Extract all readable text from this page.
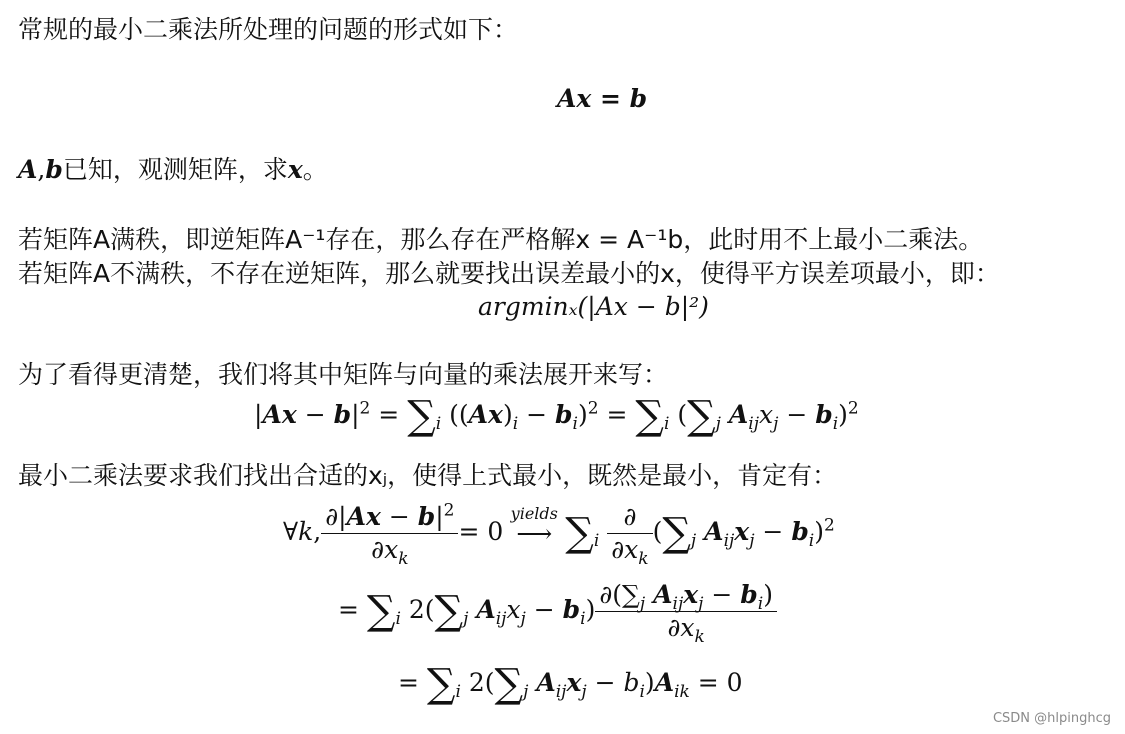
常规的最小二乘法所处理的问题的形式如下：
Ax = b
A,b已知，观测矩阵，求x。
若矩阵A满秩，即逆矩阵A⁻¹存在，那么存在严格解x = A⁻¹b，此时用不上最小二乘法。
若矩阵A不满秩，不存在逆矩阵，那么就要找出误差最小的x，使得平方误差项最小，即：
argminₓ(|Ax − b|²)
为了看得更清楚，我们将其中矩阵与向量的乘法展开来写：
$|Ax - b|^2 = \sum_i$ $((Ax)_i - b_i)^2 = \sum_i$ ($\sum_j$ $A_{ij}x_j - b_i)^2$
最小二乘法要求我们找出合适的xⱼ，使得上式最小，既然是最小，肯定有：
∀k, $\frac{\partial|Ax - b|^2}{\partial x_k} = 0$
yields
⟶ $\sum_i \frac{\partial}{\partial x_k} (\sum_j$ $A_{ij}x_j - b_i)^2$
= $\sum_i$ $2(\sum_j$ $A_{ij}x_j - b_i) \frac{\partial(\sum_j A_{ij}x_j - b_i)}{\partial x_k}$
= $\sum_i$ $2(\sum_j$ $A_{ij}x_j - b_i)A_{ik} = 0$
CSDN @hlpinghcg
